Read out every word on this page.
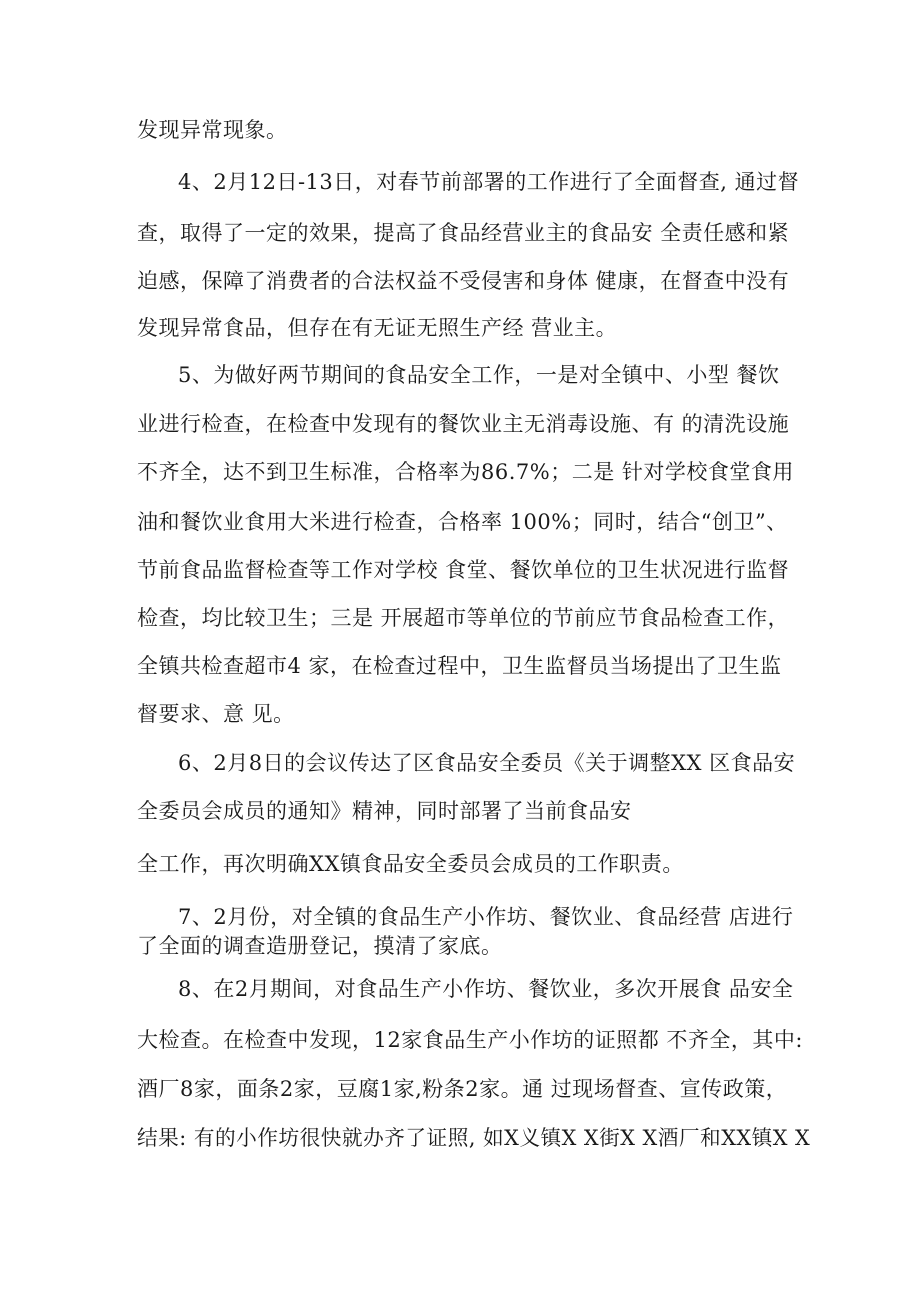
发现异常现象。
4、2月12日-13日，对春节前部署的工作进行了全面督查, 通过督
查，取得了一定的效果，提高了食品经营业主的食品安 全责任感和紧
迫感，保障了消费者的合法权益不受侵害和身体 健康，在督查中没有
发现异常食品，但存在有无证无照生产经 营业主。
5、为做好两节期间的食品安全工作，一是对全镇中、小型 餐饮
业进行检查，在检查中发现有的餐饮业主无消毒设施、有 的清洗设施
不齐全，达不到卫生标准，合格率为86.7%；二是 针对学校食堂食用
油和餐饮业食用大米进行检查，合格率 100%；同时，结合“创卫”、
节前食品监督检查等工作对学校 食堂、餐饮单位的卫生状况进行监督
检查，均比较卫生；三是 开展超市等单位的节前应节食品检查工作，
全镇共检查超市4 家，在检查过程中，卫生监督员当场提出了卫生监
督要求、意 见。
6、2月8日的会议传达了区食品安全委员《关于调整XX 区食品安
全委员会成员的通知》精神，同时部署了当前食品安
全工作，再次明确XX镇食品安全委员会成员的工作职责。
7、2月份，对全镇的食品生产小作坊、餐饮业、食品经营 店进行
了全面的调查造册登记，摸清了家底。
8、在2月期间，对食品生产小作坊、餐饮业，多次开展食 品安全
大检查。在检查中发现，12家食品生产小作坊的证照都 不齐全，其中:
酒厂8家，面条2家，豆腐1家,粉条2家。通 过现场督查、宣传政策，
结果: 有的小作坊很快就办齐了证照, 如X义镇X X街X X酒厂和XX镇X X
